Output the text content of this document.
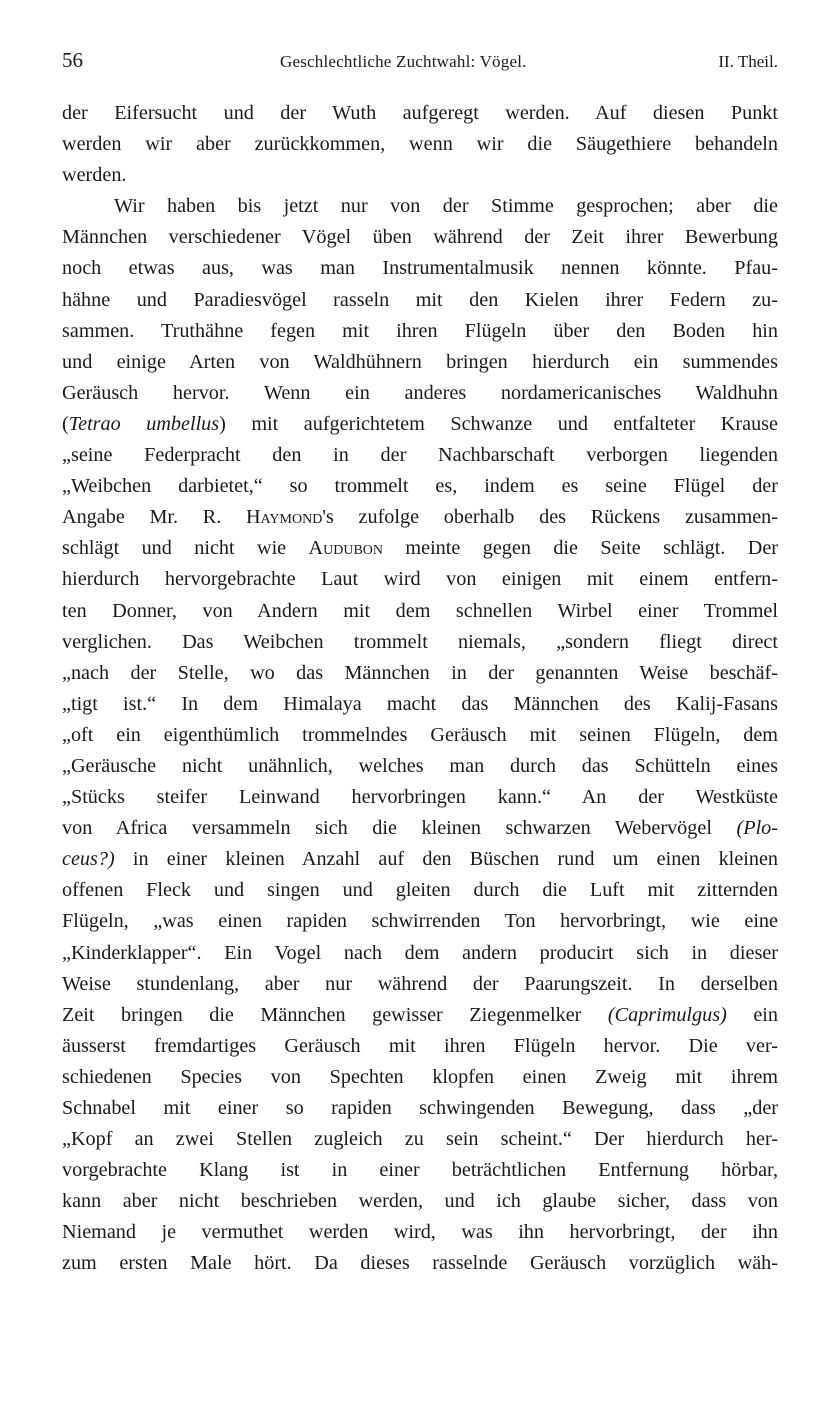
56	Geschlechtliche Zuchtwahl: Vögel.	II. Theil.
der Eifersucht und der Wuth aufgeregt werden. Auf diesen Punkt
werden wir aber zurückkommen, wenn wir die Säugethiere behandeln
werden.
Wir haben bis jetzt nur von der Stimme gesprochen; aber die
Männchen verschiedener Vögel üben während der Zeit ihrer Bewerbung
noch etwas aus, was man Instrumentalmusik nennen könnte. Pfau-
hähne und Paradiesvögel rasseln mit den Kielen ihrer Federn zu-
sammen. Truthähne fegen mit ihren Flügeln über den Boden hin
und einige Arten von Waldhühnern bringen hierdurch ein summendes
Geräusch hervor. Wenn ein anderes nordamericanisches Waldhuhn
(Tetrao umbellus) mit aufgerichtetem Schwanze und entfalteter Krause
„seine Federpracht den in der Nachbarschaft verborgen liegenden
„Weibchen darbietet,“ so trommelt es, indem es seine Flügel der
Angabe Mr. R. Haymond's zufolge oberhalb des Rückens zusammen-
schlägt und nicht wie Audubon meinte gegen die Seite schlägt. Der
hierdurch hervorgebrachte Laut wird von einigen mit einem entfern-
ten Donner, von Andern mit dem schnellen Wirbel einer Trommel
verglichen. Das Weibchen trommelt niemals, „sondern fliegt direct
„nach der Stelle, wo das Männchen in der genannten Weise beschäf-
„tigt ist.“ In dem Himalaya macht das Männchen des Kalij-Fasans
„oft ein eigenthümlich trommelndes Geräusch mit seinen Flügeln, dem
„Geräusche nicht unähnlich, welches man durch das Schütteln eines
„Stücks steifer Leinwand hervorbringen kann.“ An der Westküste
von Africa versammeln sich die kleinen schwarzen Webervögel (Plo-
ceus?) in einer kleinen Anzahl auf den Büschen rund um einen kleinen
offenen Fleck und singen und gleiten durch die Luft mit zitternden
Flügeln, „was einen rapiden schwirrenden Ton hervorbringt, wie eine
„Kinderklapper“. Ein Vogel nach dem andern producirt sich in dieser
Weise stundenlang, aber nur während der Paarungszeit. In derselben
Zeit bringen die Männchen gewisser Ziegenmelker (Caprimulgus) ein
äusserst fremdartiges Geräusch mit ihren Flügeln hervor. Die ver-
schiedenen Species von Spechten klopfen einen Zweig mit ihrem
Schnabel mit einer so rapiden schwingenden Bewegung, dass „der
„Kopf an zwei Stellen zugleich zu sein scheint.“ Der hierdurch her-
vorgebrachte Klang ist in einer beträchtlichen Entfernung hörbar,
kann aber nicht beschrieben werden, und ich glaube sicher, dass von
Niemand je vermuthet werden wird, was ihn hervorbringt, der ihn
zum ersten Male hört. Da dieses rasselnde Geräusch vorzüglich wäh-
